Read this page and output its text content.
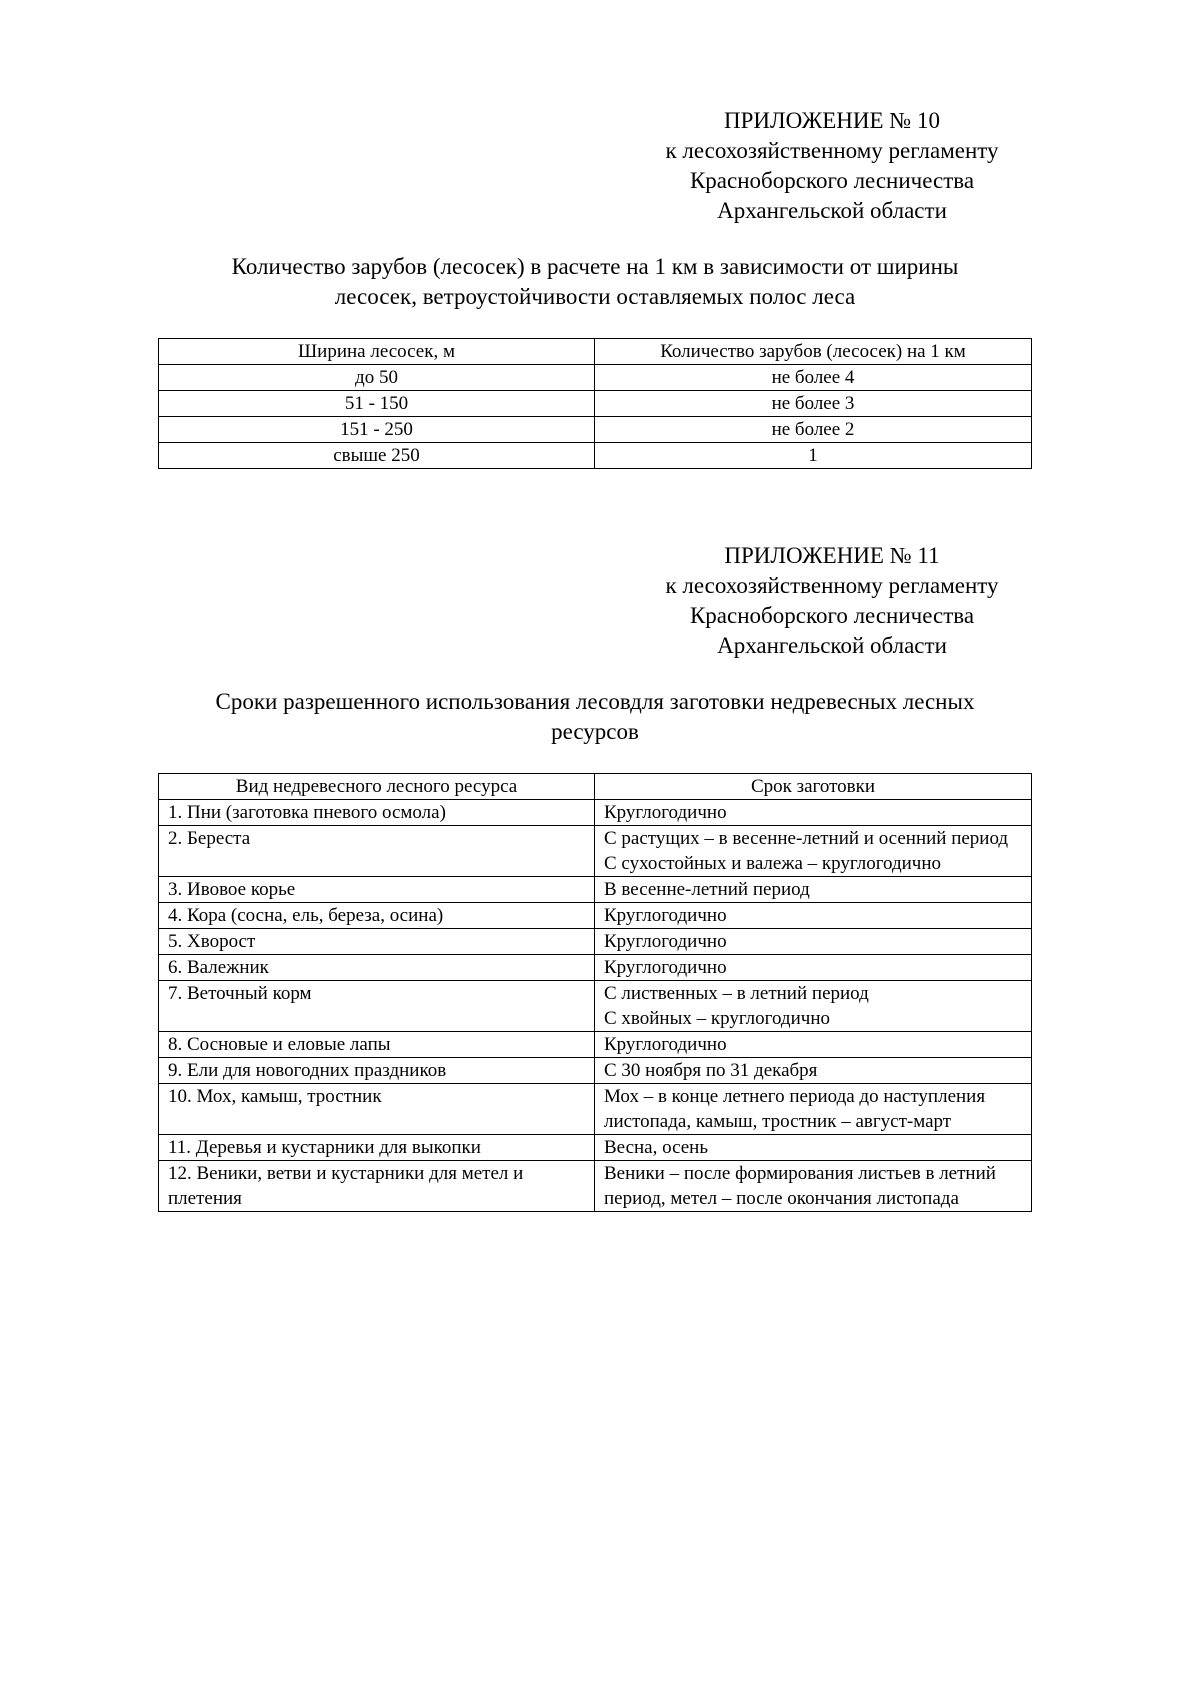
ПРИЛОЖЕНИЕ № 10
к лесохозяйственному регламенту
Красноборского лесничества
Архангельской области
Количество зарубов (лесосек) в расчете на 1 км в зависимости от ширины
лесосек, ветроустойчивости оставляемых полос леса
Ширина лесосек, м	Количество зарубов (лесосек) на 1 км
до 50	не более 4
51 - 150	не более 3
151 - 250	не более 2
свыше 250	1
ПРИЛОЖЕНИЕ № 11
к лесохозяйственному регламенту
Красноборского лесничества
Архангельской области
Сроки разрешенного использования лесовдля заготовки недревесных лесных
ресурсов
Вид недревесного лесного ресурса	Срок заготовки
1. Пни (заготовка пневого осмола)	Круглогодично

2. Береста	С растущих – в весенне-летний и осенний период
С сухостойных и валежа – круглогодично

3. Ивовое корье	В весенне-летний период

4. Кора (сосна, ель, береза, осина)	Круглогодично

5. Хворост	Круглогодично

6. Валежник	Круглогодично

7. Веточный корм	С лиственных – в летний период
С хвойных – круглогодично

8. Сосновые и еловые лапы	Круглогодично

9. Ели для новогодних праздников	С 30 ноября по 31 декабря

10. Мох, камыш, тростник	Мох – в конце летнего периода до наступления листопада, камыш, тростник – август-март

11. Деревья и кустарники для выкопки	Весна, осень

12. Веники, ветви и кустарники для метел и плетения	Веники – после формирования листьев в летний период, метел – после окончания листопада
